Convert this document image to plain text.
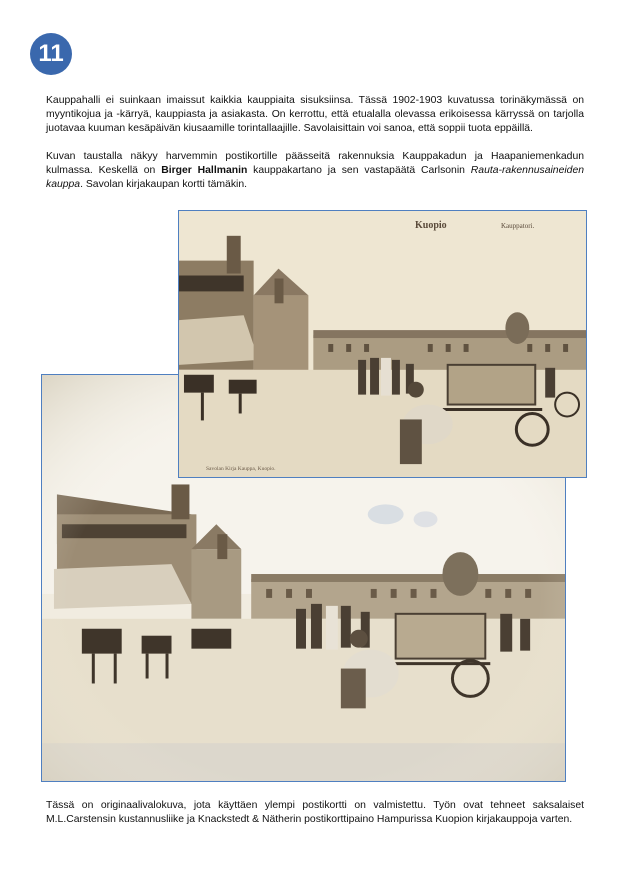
11

Kauppahalli ei suinkaan imaissut kaikkia kauppiaita sisuksiinsa. Tässä 1902-1903 kuvatussa torinäkymässä on myyntikojua ja -kärryä, kauppiasta ja asiakasta. On kerrottu, että etualalla olevassa erikoisessa kärryssä on tarjolla juotavaa kuuman kesäpäivän kiusaamille torintallaajille. Savolaisittain voi sanoa, että soppii tuota eppäillä.

Kuvan taustalla näkyy harvemmin postikortille päässeitä rakennuksia Kauppakadun ja Haapaniemenkadun kulmassa. Keskellä on Birger Hallmanin kauppakartano ja sen vastapäätä Carlsonin Rauta-rakennusaineiden kauppa. Savolan kirjakaupan kortti tämäkin.

Kuopio	Kauppatori.
Savolan Kirja Kauppa, Kuopio.

Tässä on originaalivalokuva, jota käyttäen ylempi postikortti on valmistettu. Työn ovat tehneet saksalaiset M.L.Carstensin kustannusliike ja Knackstedt & Nätherin postikorttipaino Hampurissa Kuopion kirjakauppoja varten.
